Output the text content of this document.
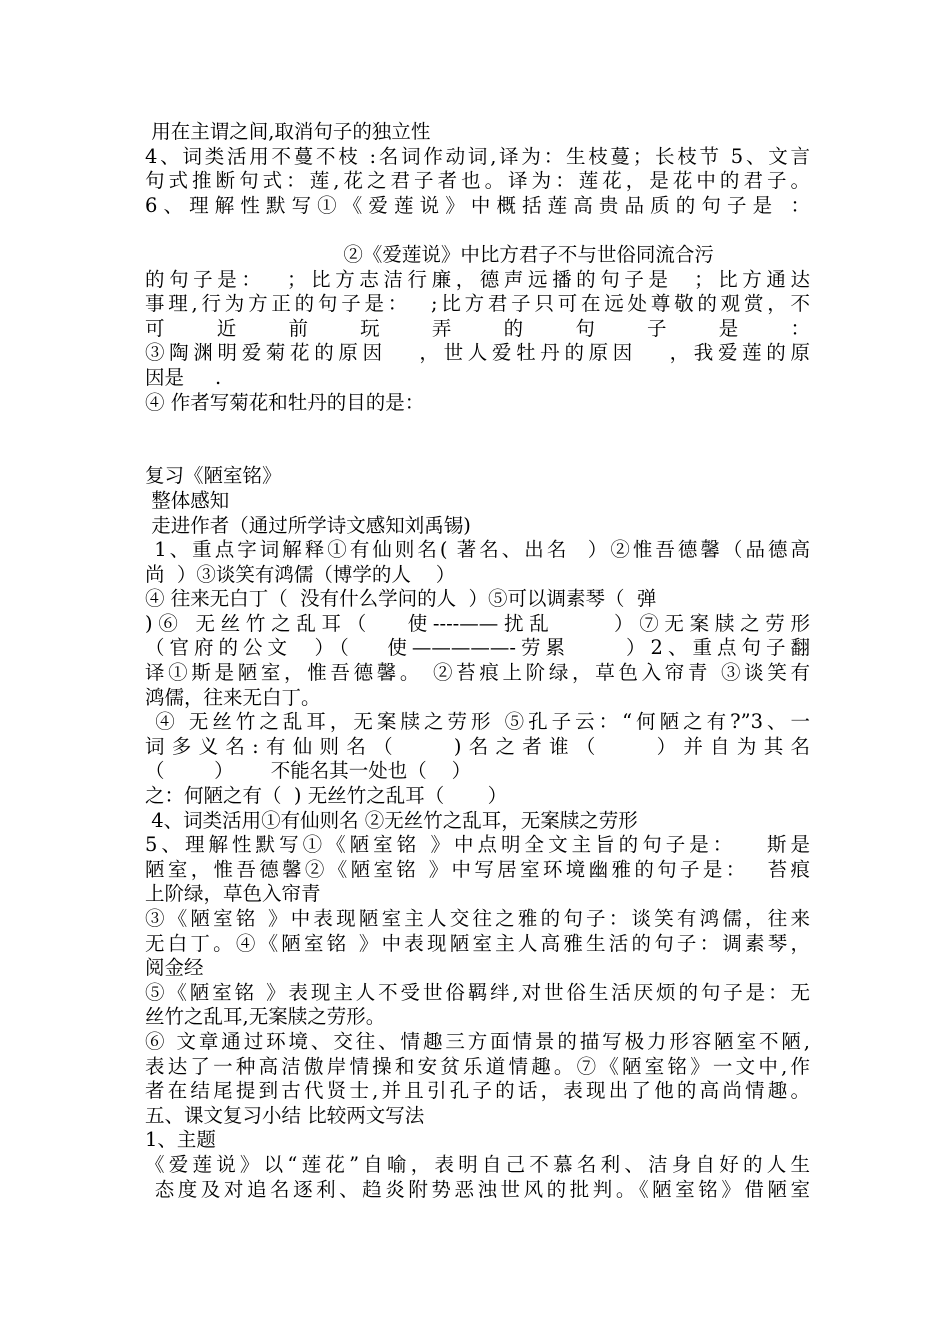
用在主谓之间,取消句子的独立性
4、词类活用不蔓不枝 :名词作动词,译为：生枝蔓；长枝节 5、文言
句式推断句式：莲,花之君子者也。译为：莲花，是花中的君子。
6、理解性默写①《爱莲说》中概括莲高贵品质的句子是 ：
②《爱莲说》中比方君子不与世俗同流合污
的句子是：  ；比方志洁行廉，德声远播的句子是  ；比方通达
事理,行为方正的句子是：  ;比方君子只可在远处尊敬的观赏，不
可 近 前 玩 弄 的 句 子 是 ：
③陶渊明爱菊花的原因   ，世人爱牡丹的原因   ，我爱莲的原
因是     .
④ 作者写菊花和牡丹的目的是：
复习《陋室铭》
整体感知
走进作者（通过所学诗文感知刘禹锡)
1、重点字词解释①有仙则名( 著名、出名  ）②惟吾德馨（品德高
尚  ）③谈笑有鸿儒（博学的人    ）
④ 往来无白丁（  没有什么学问的人  ）⑤可以调素琴（  弹
)⑥ 无丝竹之乱耳（   使----——扰乱     ）⑦无案牍之劳形
（官府的公文  ）（   使—————-劳累     ）2、重点句子翻
译①斯是陋室，惟吾德馨。 ②苔痕上阶绿，草色入帘青 ③谈笑有
鸿儒，往来无白丁。
④ 无丝竹之乱耳，无案牍之劳形 ⑤孔子云：“何陋之有?”3、一
词多义名:有仙则名（    )名之者谁（    ）并自为其名
（        ）      不能名其一处也（    ）
之：何陋之有（  ) 无丝竹之乱耳（       ）
4、词类活用①有仙则名 ②无丝竹之乱耳，无案牍之劳形
5、理解性默写①《陋室铭 》中点明全文主旨的句子是：   斯是
陋室，惟吾德馨②《陋室铭 》中写居室环境幽雅的句子是：  苔痕
上阶绿，草色入帘青
③《陋室铭 》中表现陋室主人交往之雅的句子：谈笑有鸿儒，往来
无白丁。④《陋室铭 》中表现陋室主人高雅生活的句子：调素琴，
阅金经
⑤《陋室铭 》表现主人不受世俗羁绊,对世俗生活厌烦的句子是：无
丝竹之乱耳,无案牍之劳形。
⑥ 文章通过环境、交往、情趣三方面情景的描写极力形容陋室不陋,
表达了一种高洁傲岸情操和安贫乐道情趣。⑦《陋室铭》一文中,作
者在结尾提到古代贤士,并且引孔子的话，表现出了他的高尚情趣。
五、课文复习小结 比较两文写法
1、主题
《爱莲说》以“莲花”自喻，表明自己不慕名利、洁身自好的人生
态度及对追名逐利、趋炎附势恶浊世风的批判。《陋室铭》借陋室
